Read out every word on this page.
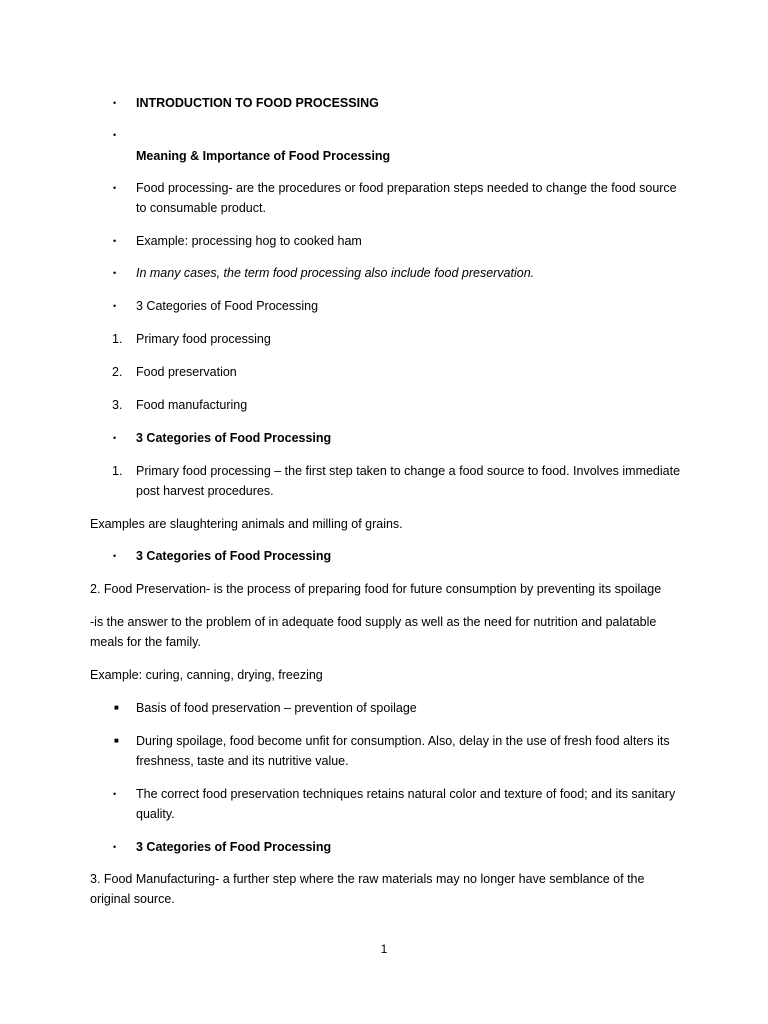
•	INTRODUCTION TO FOOD PROCESSING
•
Meaning & Importance of Food Processing
•	Food processing- are the procedures or food preparation steps needed to change the food source to consumable product.
•	Example: processing hog to cooked ham
•	In many cases, the term food processing also include food preservation.
•	3 Categories of Food Processing
1.	Primary food processing
2.	Food preservation
3.	Food manufacturing
•	3 Categories of Food Processing
1.	Primary food processing – the first step taken to change a food source to food. Involves immediate post harvest procedures.
Examples are slaughtering animals and milling of grains.
•	3 Categories of Food Processing
2. Food Preservation- is the process of preparing food for future consumption by preventing its spoilage
-is the answer to the problem of in adequate food supply as well as the need for nutrition and palatable meals for the family.
Example: curing, canning, drying, freezing
■	Basis of food preservation – prevention of spoilage
■	During spoilage, food become unfit for consumption. Also, delay in the use of fresh food alters its freshness, taste and its nutritive value.
•	The correct food preservation techniques retains natural color and texture of food; and its sanitary quality.
•	3 Categories of Food Processing
3. Food Manufacturing- a further step where the raw materials may no longer have semblance of the original source.
1
